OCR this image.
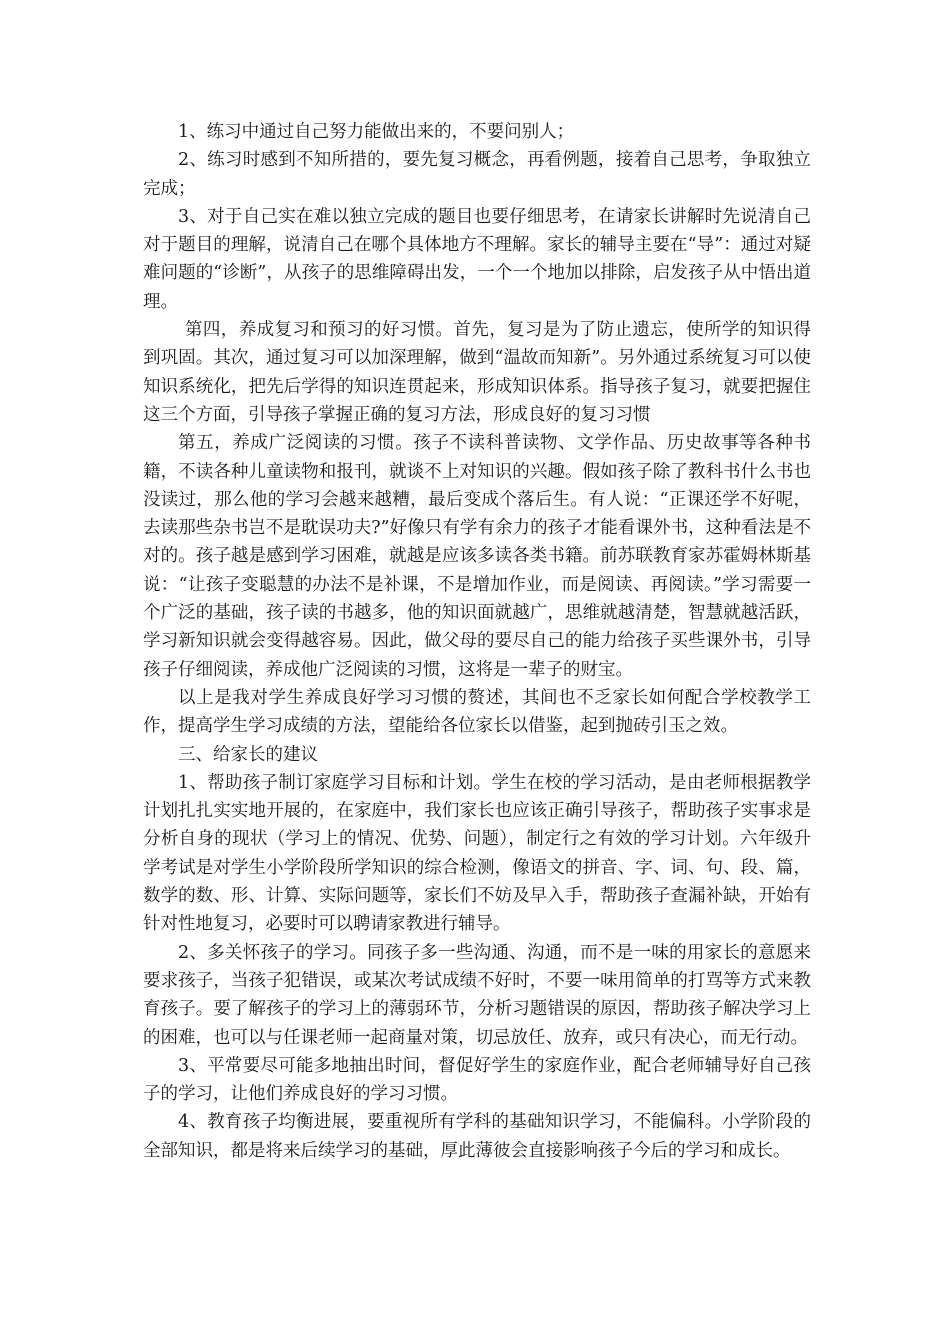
1、练习中通过自己努力能做出来的，不要问别人；

2、练习时感到不知所措的，要先复习概念，再看例题，接着自己思考，争取独立完成；

3、对于自己实在难以独立完成的题目也要仔细思考，在请家长讲解时先说清自己对于题目的理解，说清自己在哪个具体地方不理解。家长的辅导主要在“导”：通过对疑难问题的“诊断”，从孩子的思维障碍出发，一个一个地加以排除，启发孩子从中悟出道理。

第四，养成复习和预习的好习惯。首先，复习是为了防止遗忘，使所学的知识得到巩固。其次，通过复习可以加深理解，做到“温故而知新”。另外通过系统复习可以使知识系统化，把先后学得的知识连贯起来，形成知识体系。指导孩子复习，就要把握住这三个方面，引导孩子掌握正确的复习方法，形成良好的复习习惯

第五，养成广泛阅读的习惯。孩子不读科普读物、文学作品、历史故事等各种书籍，不读各种儿童读物和报刊，就谈不上对知识的兴趣。假如孩子除了教科书什么书也没读过，那么他的学习会越来越糟，最后变成个落后生。有人说：“正课还学不好呢，去读那些杂书岂不是耽误功夫?”好像只有学有余力的孩子才能看课外书，这种看法是不对的。孩子越是感到学习困难，就越是应该多读各类书籍。前苏联教育家苏霍姆林斯基说：“让孩子变聪慧的办法不是补课，不是增加作业，而是阅读、再阅读。”学习需要一个广泛的基础，孩子读的书越多，他的知识面就越广，思维就越清楚，智慧就越活跃，学习新知识就会变得越容易。因此，做父母的要尽自己的能力给孩子买些课外书，引导孩子仔细阅读，养成他广泛阅读的习惯，这将是一辈子的财宝。

以上是我对学生养成良好学习习惯的赘述，其间也不乏家长如何配合学校教学工作，提高学生学习成绩的方法，望能给各位家长以借鉴，起到抛砖引玉之效。

三、给家长的建议

1、帮助孩子制订家庭学习目标和计划。学生在校的学习活动，是由老师根据教学计划扎扎实实地开展的，在家庭中，我们家长也应该正确引导孩子，帮助孩子实事求是分析自身的现状（学习上的情况、优势、问题），制定行之有效的学习计划。六年级升学考试是对学生小学阶段所学知识的综合检测，像语文的拼音、字、词、句、段、篇，数学的数、形、计算、实际问题等，家长们不妨及早入手，帮助孩子查漏补缺，开始有针对性地复习，必要时可以聘请家教进行辅导。

2、多关怀孩子的学习。同孩子多一些沟通、沟通，而不是一味的用家长的意愿来要求孩子，当孩子犯错误，或某次考试成绩不好时，不要一味用简单的打骂等方式来教育孩子。要了解孩子的学习上的薄弱环节，分析习题错误的原因，帮助孩子解决学习上的困难，也可以与任课老师一起商量对策，切忌放任、放弃，或只有决心，而无行动。

3、平常要尽可能多地抽出时间，督促好学生的家庭作业，配合老师辅导好自己孩子的学习，让他们养成良好的学习习惯。

4、教育孩子均衡进展，要重视所有学科的基础知识学习，不能偏科。小学阶段的全部知识，都是将来后续学习的基础，厚此薄彼会直接影响孩子今后的学习和成长。
